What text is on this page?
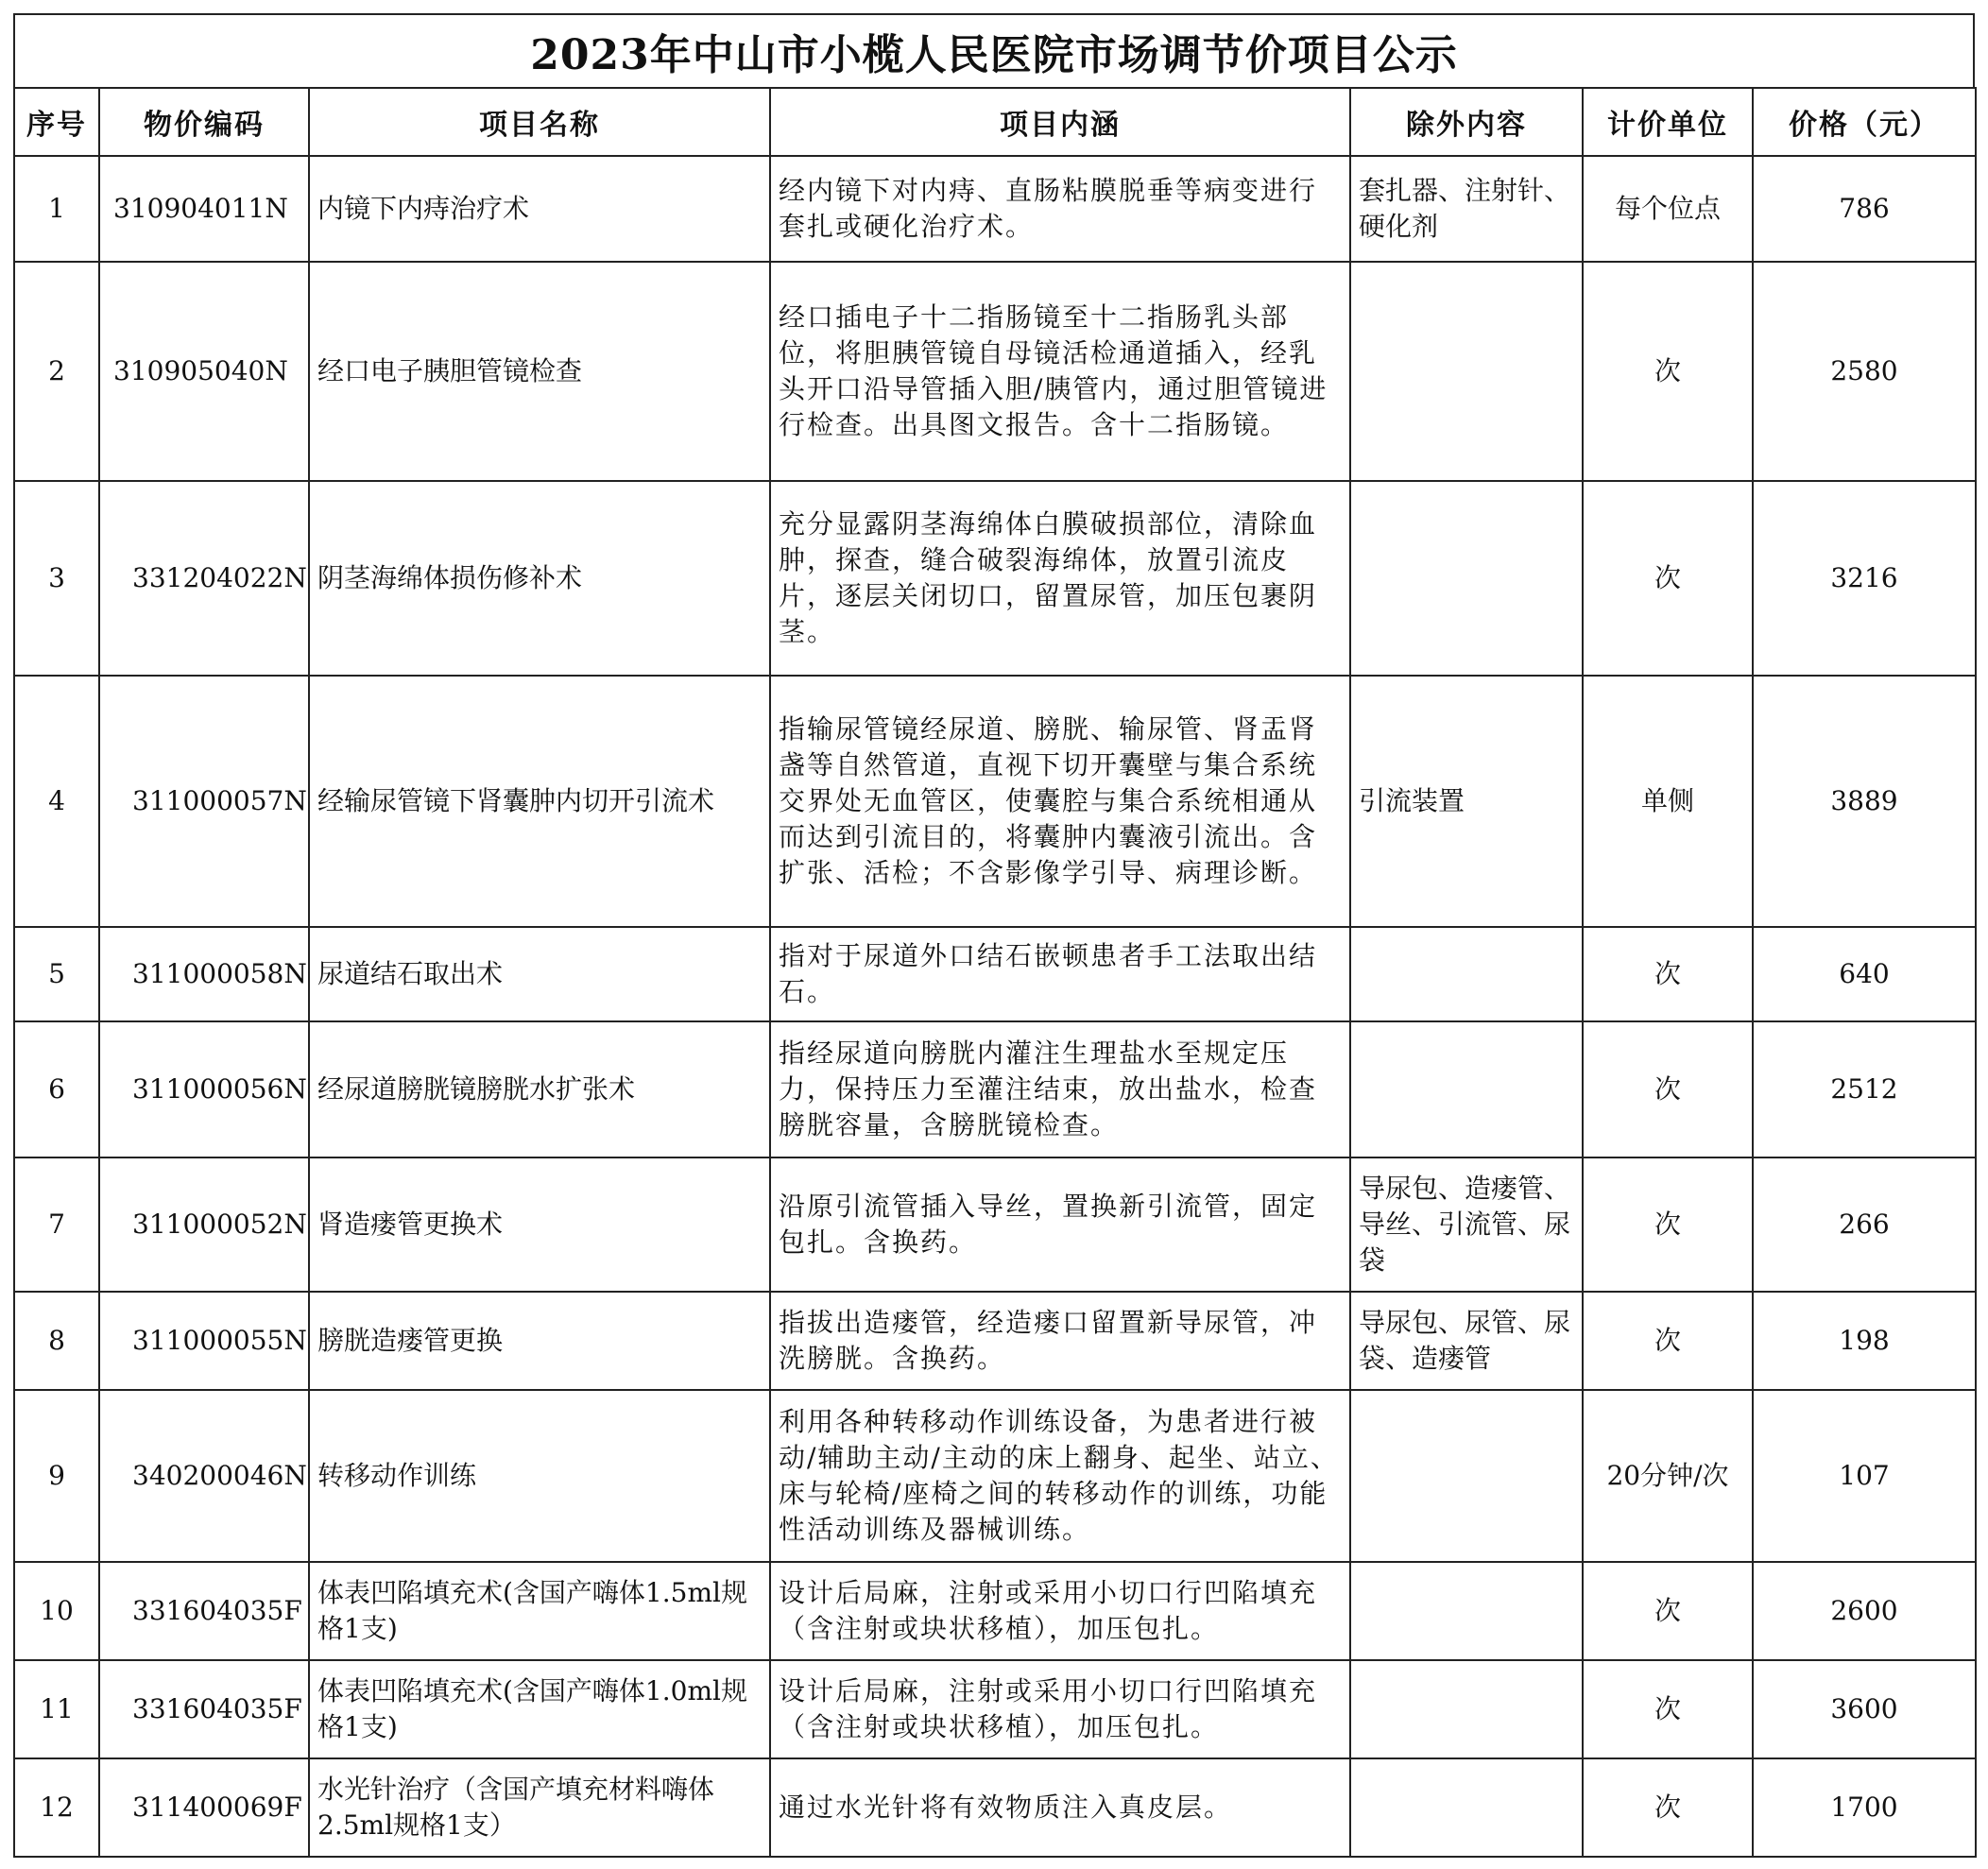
2023年中山市小榄人民医院市场调节价项目公示
序号	物价编码	项目名称	项目内涵	除外内容	计价单位	价格（元）
1	310904011N	内镜下内痔治疗术	经内镜下对内痔、直肠粘膜脱垂等病变进行套扎或硬化治疗术。	套扎器、注射针、硬化剂	每个位点	786
2	310905040N	经口电子胰胆管镜检查	经口插电子十二指肠镜至十二指肠乳头部位，将胆胰管镜自母镜活检通道插入，经乳头开口沿导管插入胆/胰管内，通过胆管镜进行检查。出具图文报告。含十二指肠镜。		次	2580
3	331204022N	阴茎海绵体损伤修补术	充分显露阴茎海绵体白膜破损部位，清除血肿，探查，缝合破裂海绵体，放置引流皮片，逐层关闭切口，留置尿管，加压包裹阴茎。		次	3216
4	311000057N	经输尿管镜下肾囊肿内切开引流术	指输尿管镜经尿道、膀胱、输尿管、肾盂肾盏等自然管道，直视下切开囊壁与集合系统交界处无血管区，使囊腔与集合系统相通从而达到引流目的，将囊肿内囊液引流出。含扩张、活检；不含影像学引导、病理诊断。	引流装置	单侧	3889
5	311000058N	尿道结石取出术	指对于尿道外口结石嵌顿患者手工法取出结石。		次	640
6	311000056N	经尿道膀胱镜膀胱水扩张术	指经尿道向膀胱内灌注生理盐水至规定压力，保持压力至灌注结束，放出盐水，检查膀胱容量，含膀胱镜检查。		次	2512
7	311000052N	肾造瘘管更换术	沿原引流管插入导丝，置换新引流管，固定包扎。含换药。	导尿包、造瘘管、导丝、引流管、尿袋	次	266
8	311000055N	膀胱造瘘管更换	指拔出造瘘管，经造瘘口留置新导尿管，冲洗膀胱。含换药。	导尿包、尿管、尿袋、造瘘管	次	198
9	340200046N	转移动作训练	利用各种转移动作训练设备，为患者进行被动/辅助主动/主动的床上翻身、起坐、站立、床与轮椅/座椅之间的转移动作的训练，功能性活动训练及器械训练。		20分钟/次	107
10	331604035F	体表凹陷填充术(含国产嗨体1.5ml规格1支)	设计后局麻，注射或采用小切口行凹陷填充（含注射或块状移植），加压包扎。		次	2600
11	331604035F	体表凹陷填充术(含国产嗨体1.0ml规格1支)	设计后局麻，注射或采用小切口行凹陷填充（含注射或块状移植），加压包扎。		次	3600
12	311400069F	水光针治疗（含国产填充材料嗨体2.5ml规格1支）	通过水光针将有效物质注入真皮层。		次	1700
